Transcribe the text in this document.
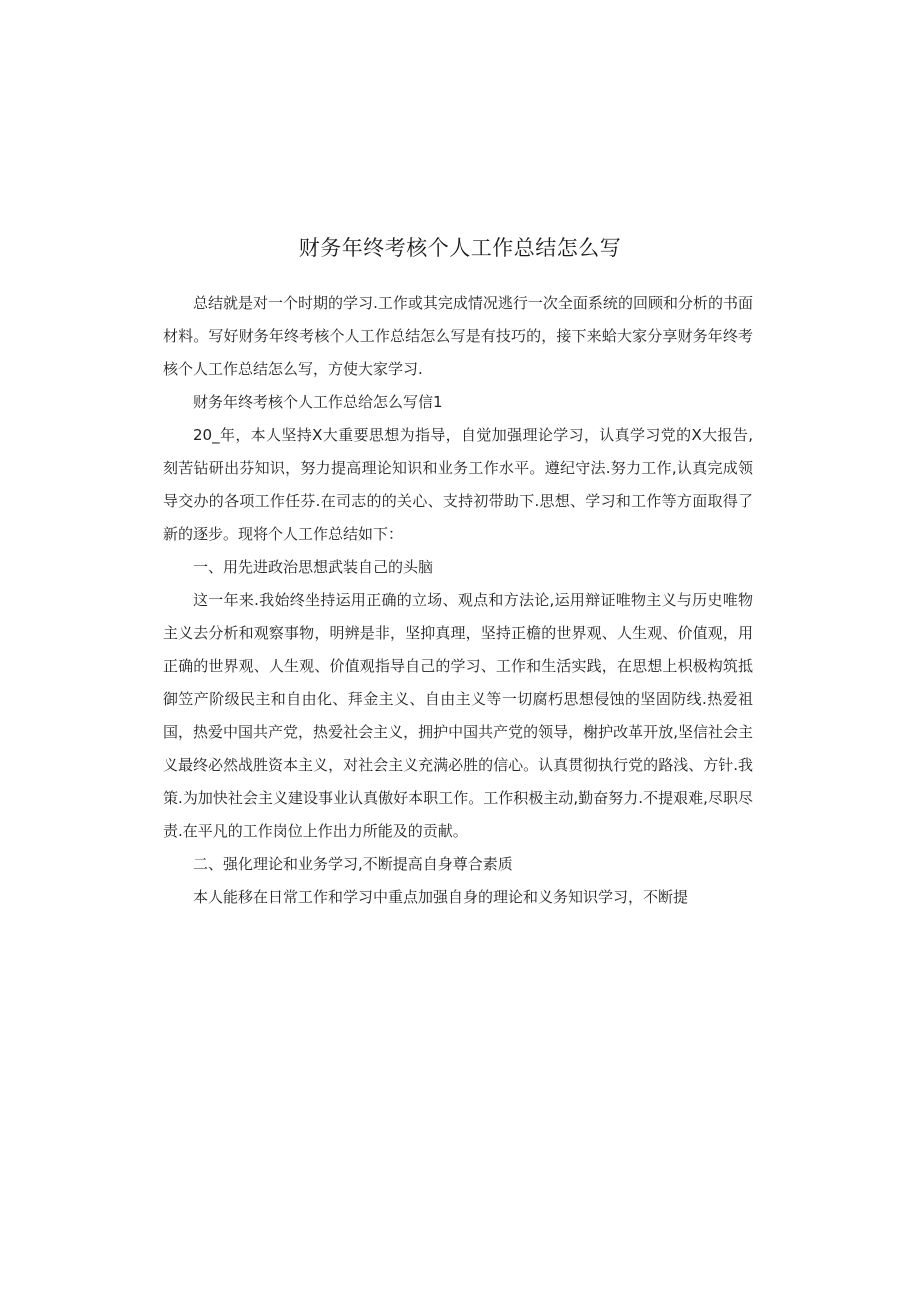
财务年终考核个人工作总结怎么写

总结就是对一个时期的学习.工作或其完成情况逃行一次全面系统的回顾和分析的书面材料。写好财务年终考核个人工作总结怎么写是有技巧的，接下来蛤大家分享财务年终考核个人工作总结怎么写，方使大家学习.

财务年终考核个人工作总给怎么写信1

20_年，本人坚持X大重要思想为指导，自觉加强理论学习，认真学习党的X大报告,刻苦钻研出芬知识，努力提高理论知识和业务工作水平。遵纪守法.努力工作,认真完成领导交办的各项工作任芬.在司志的的关心、支持初带助下.思想、学习和工作等方面取得了新的逐步。现将个人工作总结如下：

一、用先进政治思想武装自己的头脑

这一年来.我始终坐持运用正确的立场、观点和方法论,运用辩证唯物主义与历史唯物主义去分析和观察事物，明辨是非，坚抑真理，坚持正檐的世界观、人生观、价值观，用正确的世界观、人生观、价值观指导自己的学习、工作和生活实践，在思想上枳极构筑抵御笠产阶级民主和自由化、拜金主义、自由主义等一切腐朽思想侵蚀的坚固防线.热爱祖国，热爱中国共产党，热爱社会主义，拥护中国共产党的领导，榭护改革开放,坚信社会主义最终必然战胜资本主义，对社会主义充满必胜的信心。认真贯彻执行党的路浅、方针.我策.为加快社会主义建设事业认真傲好本职工作。工作积极主动,勤奋努力.不提艰难,尽职尽责.在平凡的工作岗位上作出力所能及的贡献。

二、强化理论和业务学习,不断提高自身尊合素质

本人能移在日常工作和学习中重点加强自身的理论和义务知识学习，不断提
